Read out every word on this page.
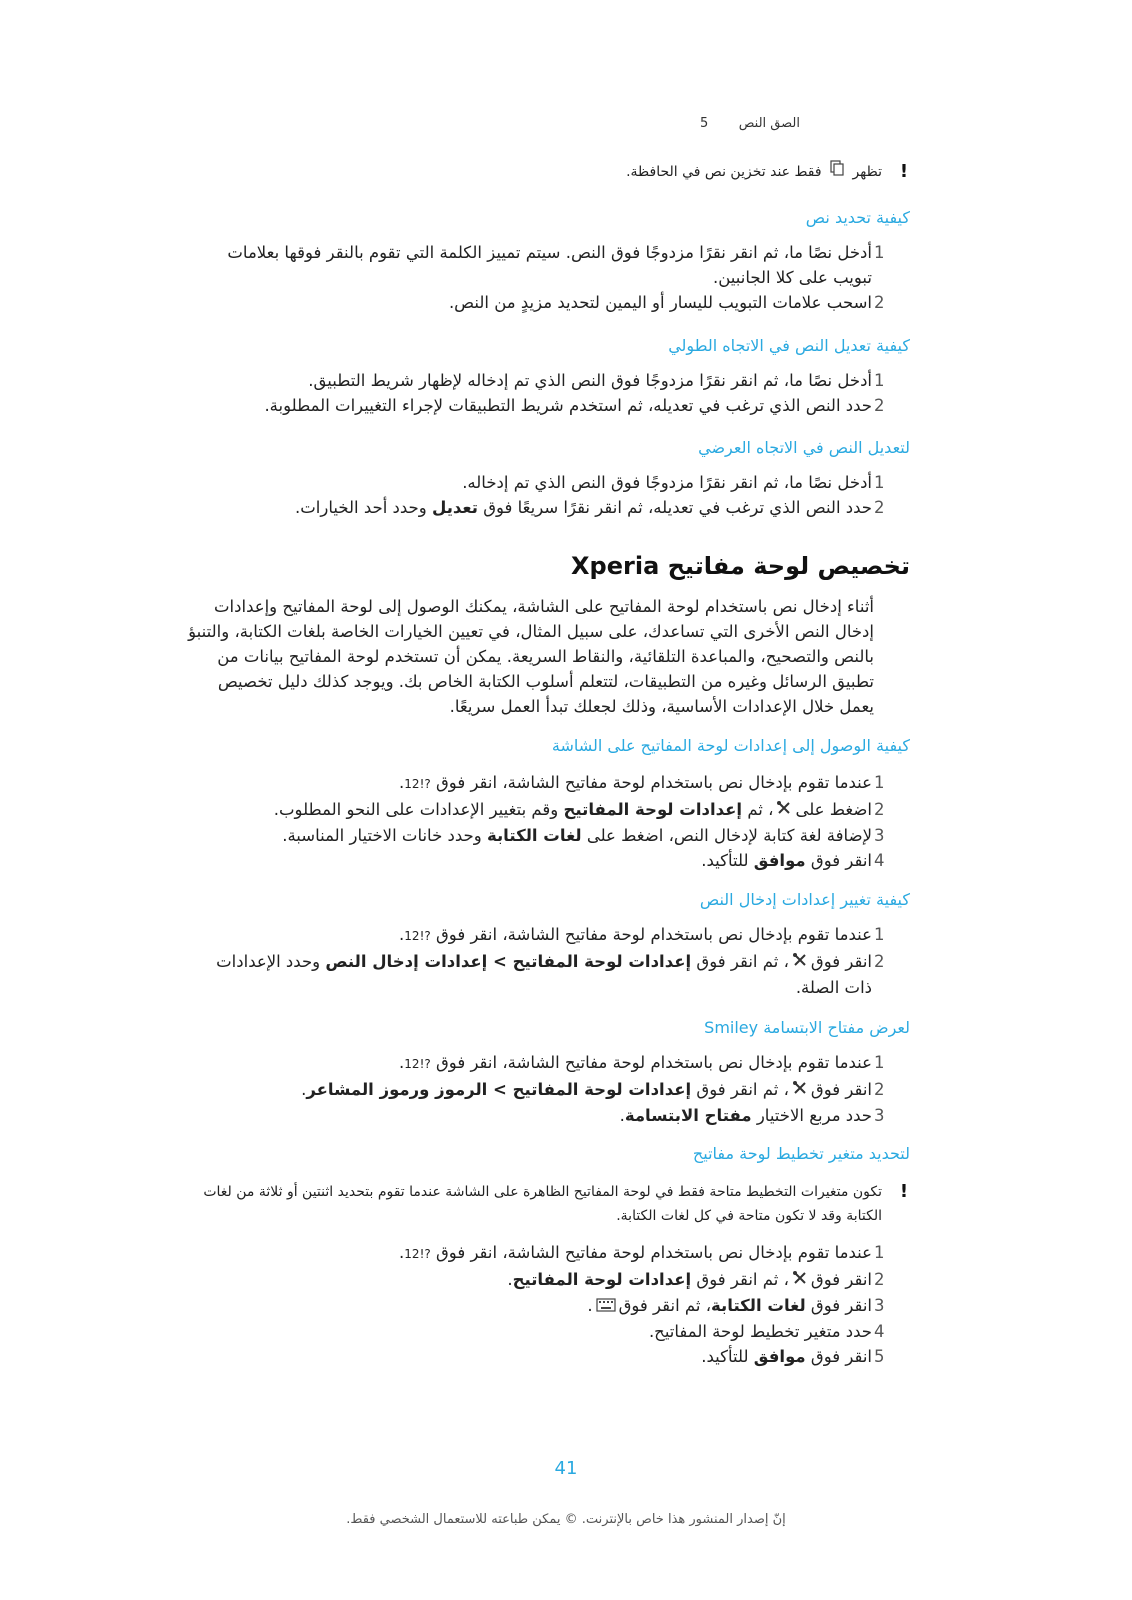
5 الصق النص
!
تظهر  فقط عند تخزين نص في الحافظة.

كيفية تحديد نص

1
أدخل نصًا ما، ثم انقر نقرًا مزدوجًا فوق النص. سيتم تمييز الكلمة التي تقوم بالنقر فوقها بعلامات تبويب على كلا الجانبين.
2
اسحب علامات التبويب لليسار أو اليمين لتحديد مزيدٍ من النص.

كيفية تعديل النص في الاتجاه الطولي

1
أدخل نصًا ما، ثم انقر نقرًا مزدوجًا فوق النص الذي تم إدخاله لإظهار شريط التطبيق.
2
حدد النص الذي ترغب في تعديله، ثم استخدم شريط التطبيقات لإجراء التغييرات المطلوبة.

لتعديل النص في الاتجاه العرضي

1
أدخل نصًا ما، ثم انقر نقرًا مزدوجًا فوق النص الذي تم إدخاله.
2
حدد النص الذي ترغب في تعديله، ثم انقر نقرًا سريعًا فوق تعديل وحدد أحد الخيارات.

تخصيص لوحة مفاتيح Xperia

أثناء إدخال نص باستخدام لوحة المفاتيح على الشاشة، يمكنك الوصول إلى لوحة المفاتيح وإعدادات إدخال النص الأخرى التي تساعدك، على سبيل المثال، في تعيين الخيارات الخاصة بلغات الكتابة، والتنبؤ بالنص والتصحيح، والمباعدة التلقائية، والنقاط السريعة. يمكن أن تستخدم لوحة المفاتيح بيانات من تطبيق الرسائل وغيره من التطبيقات، لتتعلم أسلوب الكتابة الخاص بك. ويوجد كذلك دليل تخصيص يعمل خلال الإعدادات الأساسية، وذلك لجعلك تبدأ العمل سريعًا.

كيفية الوصول إلى إعدادات لوحة المفاتيح على الشاشة

1
عندما تقوم بإدخال نص باستخدام لوحة مفاتيح الشاشة، انقر فوق ?!12.
2
اضغط على، ثم إعدادات لوحة المفاتيح وقم بتغيير الإعدادات على النحو المطلوب.
3
لإضافة لغة كتابة لإدخال النص، اضغط على لغات الكتابة وحدد خانات الاختيار المناسبة.
4
انقر فوق موافق للتأكيد.

كيفية تغيير إعدادات إدخال النص

1
عندما تقوم بإدخال نص باستخدام لوحة مفاتيح الشاشة، انقر فوق ?!12.
2
انقر فوق، ثم انقر فوق إعدادات لوحة المفاتيح > إعدادات إدخال النص وحدد الإعدادات ذات الصلة.

لعرض مفتاح الابتسامة Smiley

1
عندما تقوم بإدخال نص باستخدام لوحة مفاتيح الشاشة، انقر فوق ?!12.
2
انقر فوق، ثم انقر فوق إعدادات لوحة المفاتيح > الرموز ورموز المشاعر.
3
حدد مربع الاختيار مفتاح الابتسامة.

لتحديد متغير تخطيط لوحة مفاتيح

!
تكون متغيرات التخطيط متاحة فقط في لوحة المفاتيح الظاهرة على الشاشة عندما تقوم بتحديد اثنتين أو ثلاثة من لغات الكتابة وقد لا تكون متاحة في كل لغات الكتابة.
1
عندما تقوم بإدخال نص باستخدام لوحة مفاتيح الشاشة، انقر فوق ?!12.
2
انقر فوق، ثم انقر فوق إعدادات لوحة المفاتيح.
3
انقر فوق لغات الكتابة، ثم انقر فوق.
4
حدد متغير تخطيط لوحة المفاتيح.
5
انقر فوق موافق للتأكيد.
41
إنّ إصدار المنشور هذا خاص بالإنترنت. © يمكن طباعته للاستعمال الشخصي فقط.
